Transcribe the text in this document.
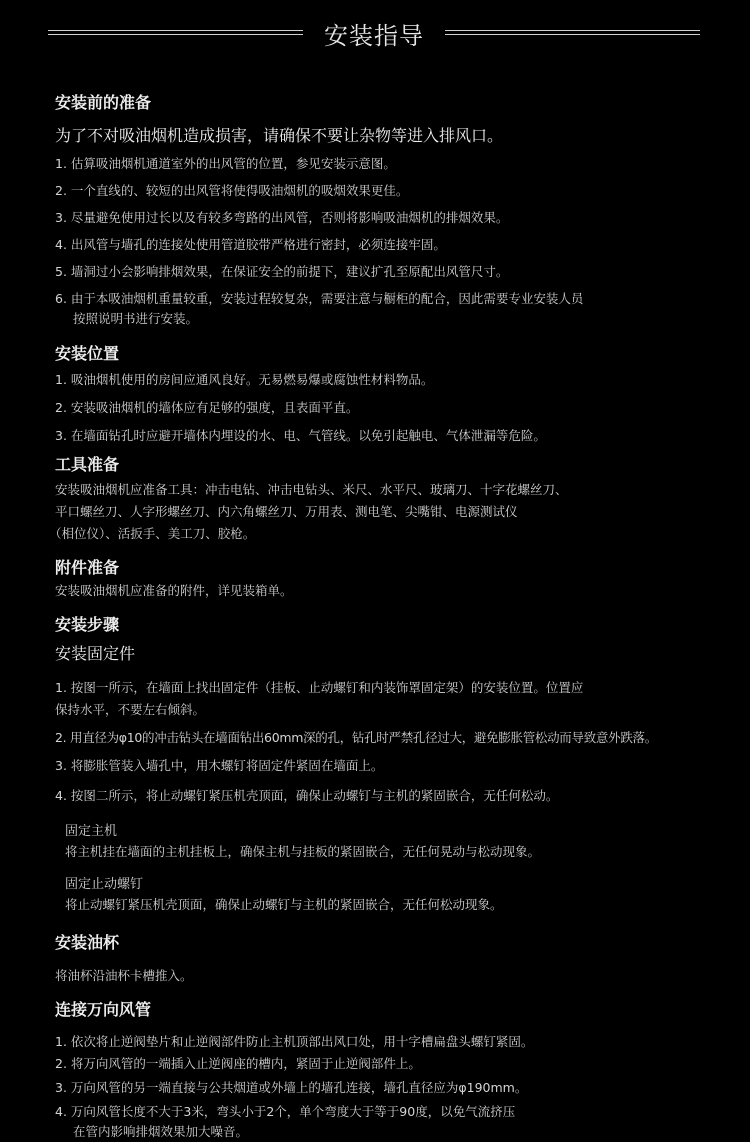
安装指导

安装前的准备

为了不对吸油烟机造成损害，请确保不要让杂物等进入排风口。

1. 估算吸油烟机通道室外的出风管的位置，参见安装示意图。

2. 一个直线的、较短的出风管将使得吸油烟机的吸烟效果更佳。

3. 尽量避免使用过长以及有较多弯路的出风管，否则将影响吸油烟机的排烟效果。

4. 出风管与墙孔的连接处使用管道胶带严格进行密封，必须连接牢固。

5. 墙洞过小会影响排烟效果，在保证安全的前提下，建议扩孔至原配出风管尺寸。

6. 由于本吸油烟机重量较重，安装过程较复杂，需要注意与橱柜的配合，因此需要专业安装人员

按照说明书进行安装。

安装位置

1. 吸油烟机使用的房间应通风良好。无易燃易爆或腐蚀性材料物品。

2. 安装吸油烟机的墙体应有足够的强度，且表面平直。

3. 在墙面钻孔时应避开墙体内埋设的水、电、气管线。以免引起触电、气体泄漏等危险。

工具准备

安装吸油烟机应准备工具：冲击电钻、冲击电钻头、米尺、水平尺、玻璃刀、十字花螺丝刀、

平口螺丝刀、人字形螺丝刀、内六角螺丝刀、万用表、测电笔、尖嘴钳、电源测试仪

（相位仪）、活扳手、美工刀、胶枪。

附件准备

安装吸油烟机应准备的附件，详见装箱单。

安装步骤

安装固定件

1. 按图一所示，在墙面上找出固定件（挂板、止动螺钉和内装饰罩固定架）的安装位置。位置应

保持水平，不要左右倾斜。

2. 用直径为φ10的冲击钻头在墙面钻出60mm深的孔，钻孔时严禁孔径过大，避免膨胀管松动而导致意外跌落。

3. 将膨胀管装入墙孔中，用木螺钉将固定件紧固在墙面上。

4. 按图二所示，将止动螺钉紧压机壳顶面，确保止动螺钉与主机的紧固嵌合，无任何松动。

固定主机

将主机挂在墙面的主机挂板上，确保主机与挂板的紧固嵌合，无任何晃动与松动现象。

固定止动螺钉

将止动螺钉紧压机壳顶面，确保止动螺钉与主机的紧固嵌合，无任何松动现象。

安装油杯

将油杯沿油杯卡槽推入。

连接万向风管

1. 依次将止逆阀垫片和止逆阀部件防止主机顶部出风口处，用十字槽扁盘头螺钉紧固。

2. 将万向风管的一端插入止逆阀座的槽内，紧固于止逆阀部件上。

3. 万向风管的另一端直接与公共烟道或外墙上的墙孔连接，墙孔直径应为φ190mm。

4. 万向风管长度不大于3米，弯头小于2个，单个弯度大于等于90度，以免气流挤压

在管内影响排烟效果加大噪音。
